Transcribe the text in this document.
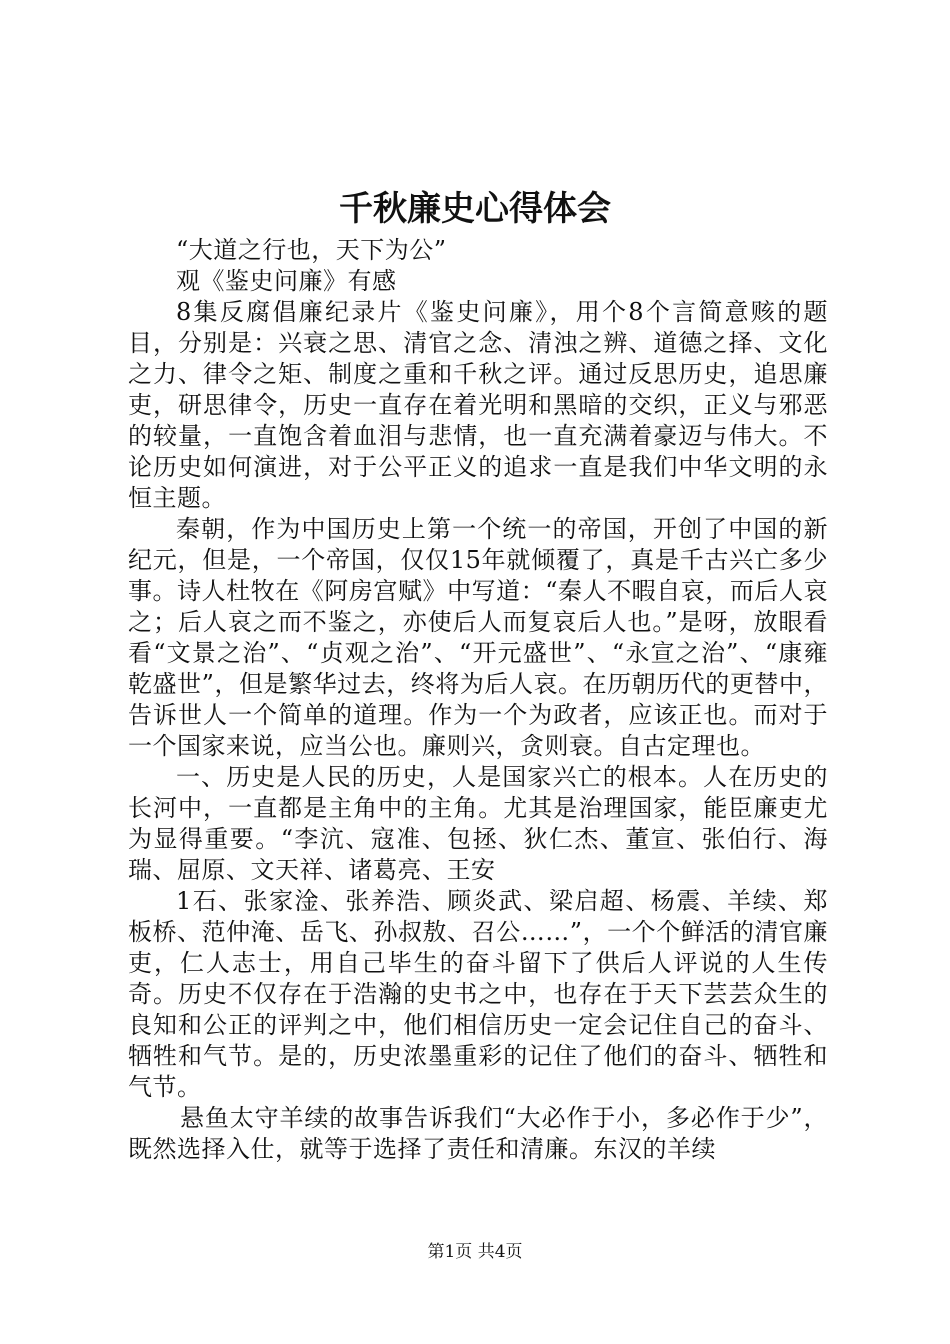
千秋廉史心得体会

“大道之行也，天下为公”

观《鉴史问廉》有感

8集反腐倡廉纪录片《鉴史问廉》，用个8个言简意赅的题目，分别是：兴衰之思、清官之念、清浊之辨、道德之择、文化之力、律令之矩、制度之重和千秋之评。通过反思历史，追思廉吏，研思律令，历史一直存在着光明和黑暗的交织，正义与邪恶的较量，一直饱含着血泪与悲情，也一直充满着豪迈与伟大。不论历史如何演进，对于公平正义的追求一直是我们中华文明的永恒主题。

秦朝，作为中国历史上第一个统一的帝国，开创了中国的新纪元，但是，一个帝国，仅仅15年就倾覆了，真是千古兴亡多少事。诗人杜牧在《阿房宫赋》中写道：“秦人不暇自哀，而后人哀之；后人哀之而不鉴之，亦使后人而复哀后人也。”是呀，放眼看看“文景之治”、“贞观之治”、“开元盛世”、“永宣之治”、“康雍乾盛世”，但是繁华过去，终将为后人哀。在历朝历代的更替中，告诉世人一个简单的道理。作为一个为政者，应该正也。而对于一个国家来说，应当公也。廉则兴，贪则衰。自古定理也。

一、历史是人民的历史，人是国家兴亡的根本。人在历史的长河中，一直都是主角中的主角。尤其是治理国家，能臣廉吏尤为显得重要。“李沆、寇准、包拯、狄仁杰、董宣、张伯行、海瑞、屈原、文天祥、诸葛亮、王安

1石、张家淦、张养浩、顾炎武、梁启超、杨震、羊续、郑板桥、范仲淹、岳飞、孙叔敖、召公……”，一个个鲜活的清官廉吏，仁人志士，用自己毕生的奋斗留下了供后人评说的人生传奇。历史不仅存在于浩瀚的史书之中，也存在于天下芸芸众生的良知和公正的评判之中，他们相信历史一定会记住自己的奋斗、牺牲和气节。是的，历史浓墨重彩的记住了他们的奋斗、牺牲和气节。

悬鱼太守羊续的故事告诉我们“大必作于小，多必作于少”，既然选择入仕，就等于选择了责任和清廉。东汉的羊续

第1页 共4页
